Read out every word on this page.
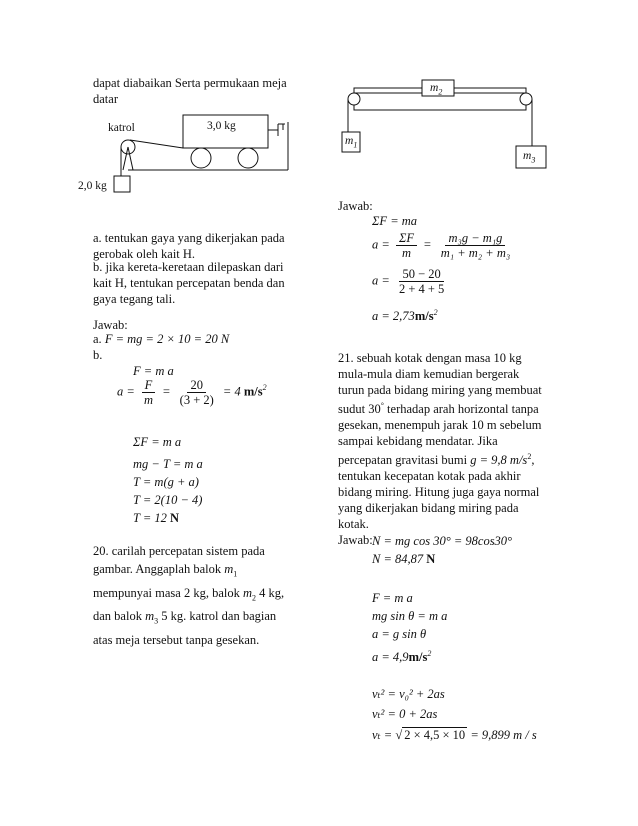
dapat diabaikan Serta permukaan meja
datar
katrol	3,0 kg
2,0 kg
a. tentukan gaya yang dikerjakan pada
gerobak oleh kait H.
b. jika kereta-keretaan dilepaskan dari
kait H, tentukan percepatan benda dan
gaya tegang tali.
Jawab:
a. F = mg = 2 × 10 = 20 N
b.
F = m a
$a = \frac{F}{m} = \frac{20}{(3 + 2)} = 4$ $m/s^2$
ΣF = m a
mg − T = m a
T = m(g + a)
T = 2(10 − 4)
T = 12 N
20. carilah percepatan sistem pada
gambar. Anggaplah balok $m_1$
mempunyai masa 2 kg, balok $m_2$ 4 kg,
dan balok $m_3$ 5 kg. katrol dan bagian
atas meja tersebut tanpa gesekan.
$m_2$
$m_1$
$m_3$
Jawab:
ΣF = ma
$a = \frac{\Sigma F}{m} = \frac{\text{m₃g − m₁g}}{\text{m₁ + m₂ + m₃}}$
$a = \frac{50 - 20}{2 + 4 + 5}$
$a = 2,73m/s^2$
21. sebuah kotak dengan masa 10 kg
mula-mula diam kemudian bergerak
turun pada bidang miring yang membuat
sudut 30° terhadap arah horizontal tanpa
gesekan, menempuh jarak 10 m sebelum
sampai kebidang mendatar. Jika
percepatan gravitasi bumi g = 9,8 $m/s^2$,
tentukan kecepatan kotak pada akhir
bidang miring. Hitung juga gaya normal
yang dikerjakan bidang miring pada
kotak.
Jawab: N = mg cos 30° = 98cos30°
N = 84,87 N
F = m a
mg sin θ = m a
a = g sin θ
$a = 4,9m/s^2$
vₜ² = v₀² + 2as
vₜ² = 0 + 2as
vₜ = √ 2 × 4,5 × 10 = 9,899 m / s
